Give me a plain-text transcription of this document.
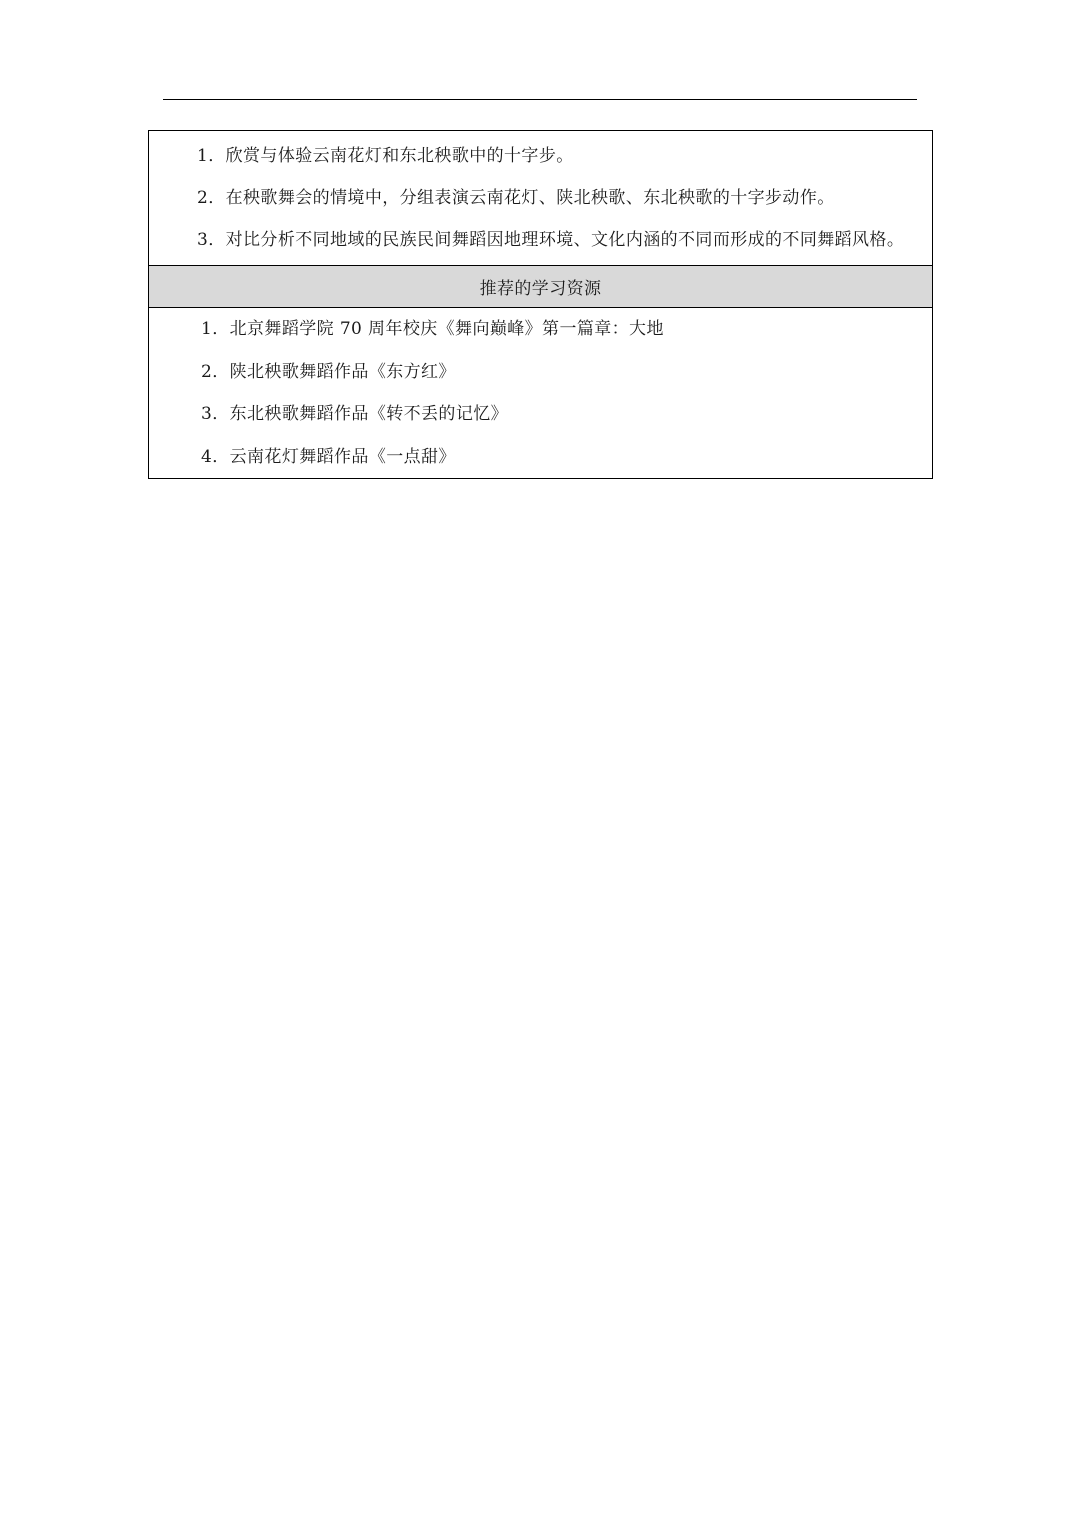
1．欣赏与体验云南花灯和东北秧歌中的十字步。

2．在秧歌舞会的情境中，分组表演云南花灯、陕北秧歌、东北秧歌的十字步动作。

3．对比分析不同地域的民族民间舞蹈因地理环境、文化内涵的不同而形成的不同舞蹈风格。

推荐的学习资源

1．北京舞蹈学院 70 周年校庆《舞向巅峰》第一篇章：大地

2．陕北秧歌舞蹈作品《东方红》

3．东北秧歌舞蹈作品《转不丢的记忆》

4．云南花灯舞蹈作品《一点甜》
